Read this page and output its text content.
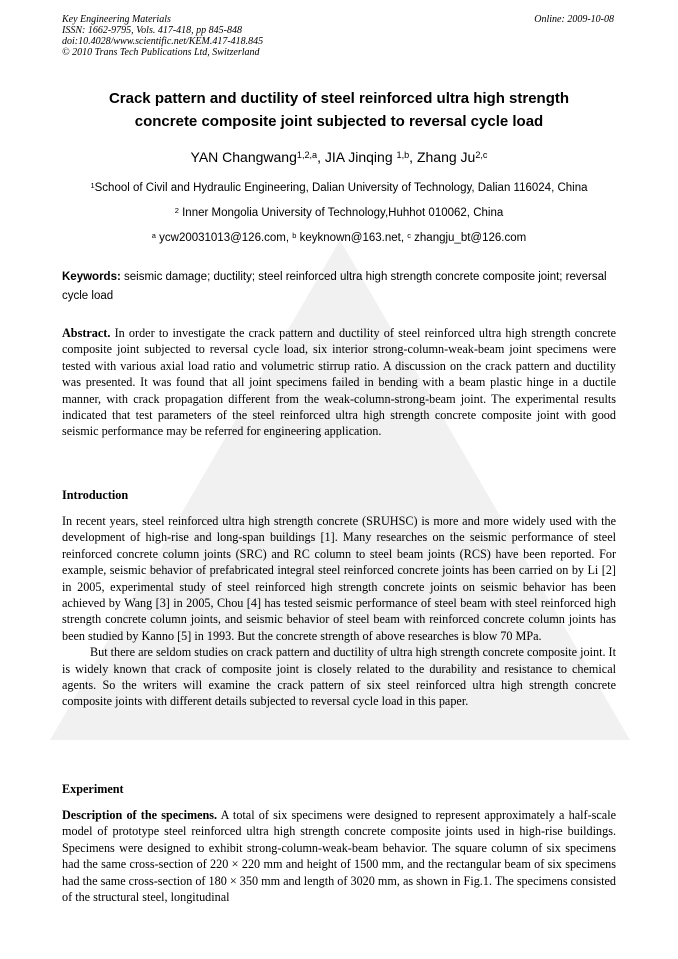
Key Engineering Materials
ISSN: 1662-9795, Vols. 417-418, pp 845-848
doi:10.4028/www.scientific.net/KEM.417-418.845
© 2010 Trans Tech Publications Ltd, Switzerland
Online: 2009-10-08
Crack pattern and ductility of steel reinforced ultra high strength
concrete composite joint subjected to reversal cycle load
YAN Changwang$^{1,2,a}$, JIA Jinqing $^{1,b}$, Zhang Ju$^{2,c}$
$^1$School of Civil and Hydraulic Engineering, Dalian University of Technology, Dalian 116024, China
$^2$ Inner Mongolia University of Technology,Huhhot 010062, China
$^a$ ycw20031013@126.com, $^b$ keyknown@163.net, $^c$ zhangju_bt@126.com
Keywords: seismic damage; ductility; steel reinforced ultra high strength concrete composite joint; reversal cycle load
Abstract. In order to investigate the crack pattern and ductility of steel reinforced ultra high strength concrete composite joint subjected to reversal cycle load, six interior strong-column-weak-beam joint specimens were tested with various axial load ratio and volumetric stirrup ratio. A discussion on the crack pattern and ductility was presented. It was found that all joint specimens failed in bending with a beam plastic hinge in a ductile manner, with crack propagation different from the weak-column-strong-beam joint. The experimental results indicated that test parameters of the steel reinforced ultra high strength concrete composite joint with good seismic performance may be referred for engineering application.
Introduction

In recent years, steel reinforced ultra high strength concrete (SRUHSC) is more and more widely used with the development of high-rise and long-span buildings [1]. Many researches on the seismic performance of steel reinforced concrete column joints (SRC) and RC column to steel beam joints (RCS) have been reported. For example, seismic behavior of prefabricated integral steel reinforced concrete joints has been carried on by Li [2] in 2005, experimental study of steel reinforced high strength concrete joints on seismic behavior has been achieved by Wang [3] in 2005, Chou [4] has tested seismic performance of steel beam with steel reinforced high strength concrete column joints, and seismic behavior of steel beam with reinforced concrete column joints has been studied by Kanno [5] in 1993. But the concrete strength of above researches is blow 70 MPa.

But there are seldom studies on crack pattern and ductility of ultra high strength concrete composite joint. It is widely known that crack of composite joint is closely related to the durability and resistance to chemical agents. So the writers will examine the crack pattern of six steel reinforced ultra high strength concrete composite joints with different details subjected to reversal cycle load in this paper.

Experiment
Description of the specimens. A total of six specimens were designed to represent approximately a half-scale model of prototype steel reinforced ultra high strength concrete composite joints used in high-rise buildings. Specimens were designed to exhibit strong-column-weak-beam behavior. The square column of six specimens had the same cross-section of 220 × 220 mm and height of 1500 mm, and the rectangular beam of six specimens had the same cross-section of 180 × 350 mm and length of 3020 mm, as shown in Fig.1. The specimens consisted of the structural steel, longitudinal
